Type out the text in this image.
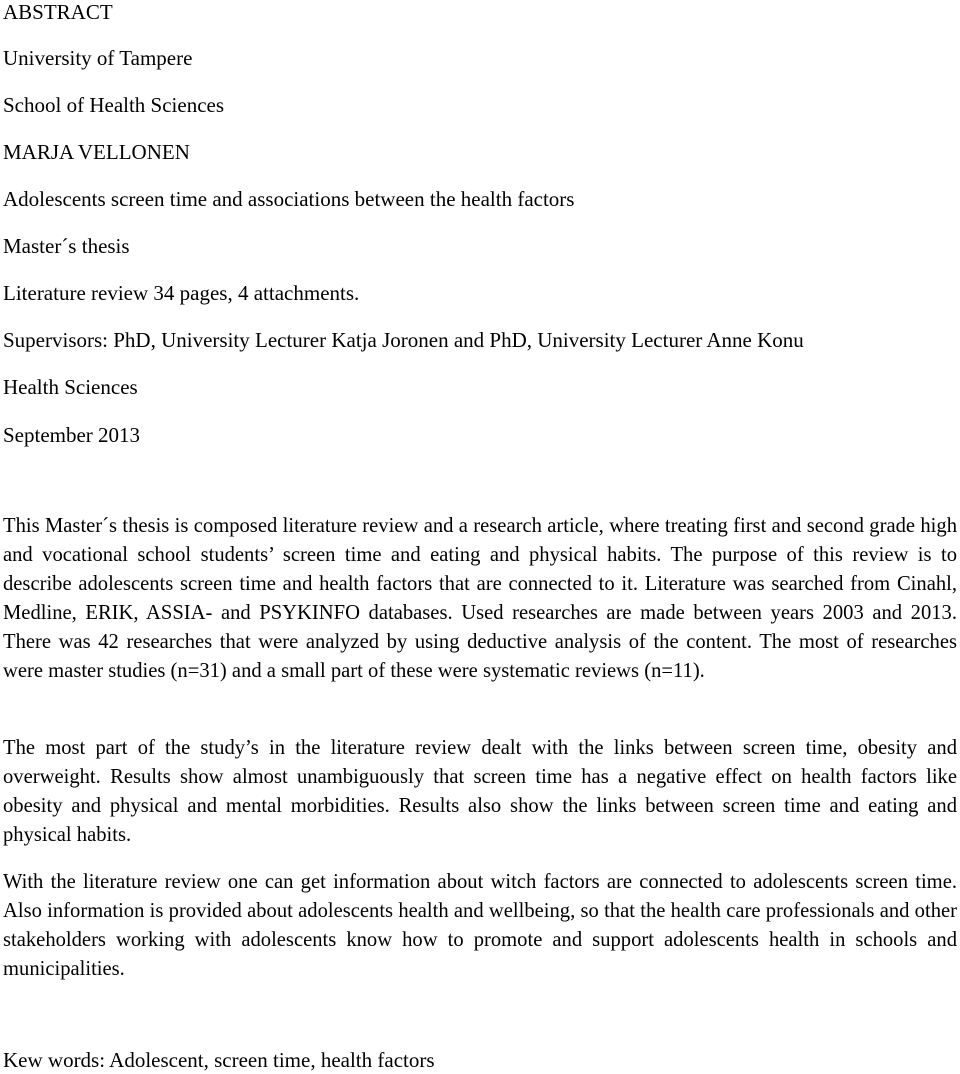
ABSTRACT
University of Tampere
School of Health Sciences
MARJA VELLONEN
Adolescents screen time and associations between the health factors
Master´s thesis
Literature review 34 pages, 4 attachments.
Supervisors: PhD, University Lecturer Katja Joronen and PhD, University Lecturer Anne Konu
Health Sciences
September 2013
This Master´s thesis is composed literature review and a research article, where treating first and second grade high and vocational school students’ screen time and eating and physical habits. The purpose of this review is to describe adolescents screen time and health factors that are connected to it. Literature was searched from Cinahl, Medline, ERIK, ASSIA- and PSYKINFO databases. Used researches are made between years 2003 and 2013. There was 42 researches that were analyzed by using deductive analysis of the content. The most of researches were master studies (n=31) and a small part of these were systematic reviews (n=11).
The most part of the study’s in the literature review dealt with the links between screen time, obesity and overweight. Results show almost unambiguously that screen time has a negative effect on health factors like obesity and physical and mental morbidities. Results also show the links between screen time and eating and physical habits.
With the literature review one can get information about witch factors are connected to adolescents screen time. Also information is provided about adolescents health and wellbeing, so that the health care professionals and other stakeholders working with adolescents know how to promote and support adolescents health in schools and municipalities.
Kew words: Adolescent, screen time, health factors
